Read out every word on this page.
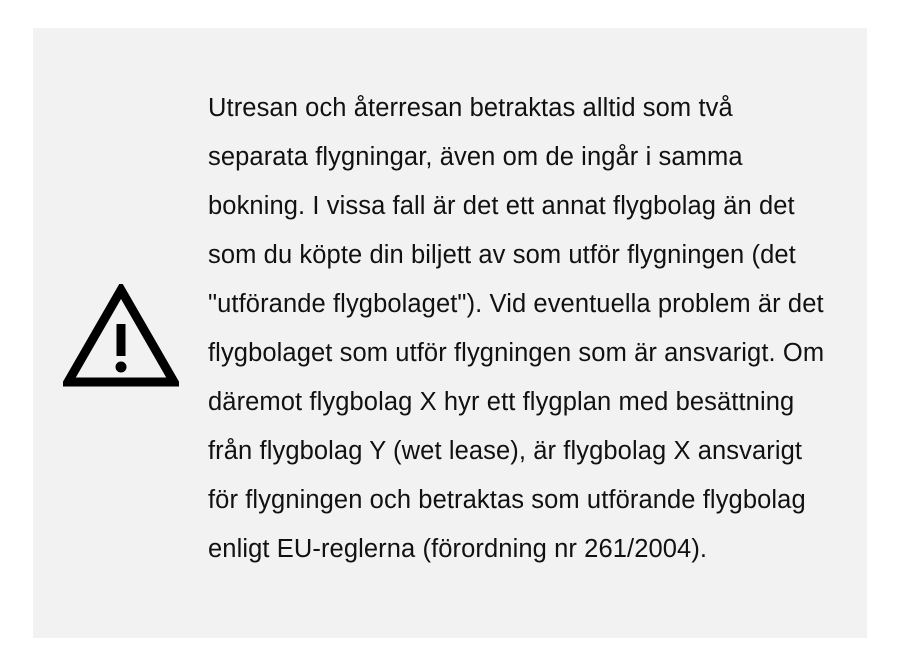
Utresan och återresan betraktas alltid som två separata flygningar, även om de ingår i samma bokning. I vissa fall är det ett annat flygbolag än det som du köpte din biljett av som utför flygningen (det "utförande flygbolaget"). Vid eventuella problem är det flygbolaget som utför flygningen som är ansvarigt. Om däremot flygbolag X hyr ett flygplan med besättning från flygbolag Y (wet lease), är flygbolag X ansvarigt för flygningen och betraktas som utförande flygbolag enligt EU-reglerna (förordning nr 261/2004).
